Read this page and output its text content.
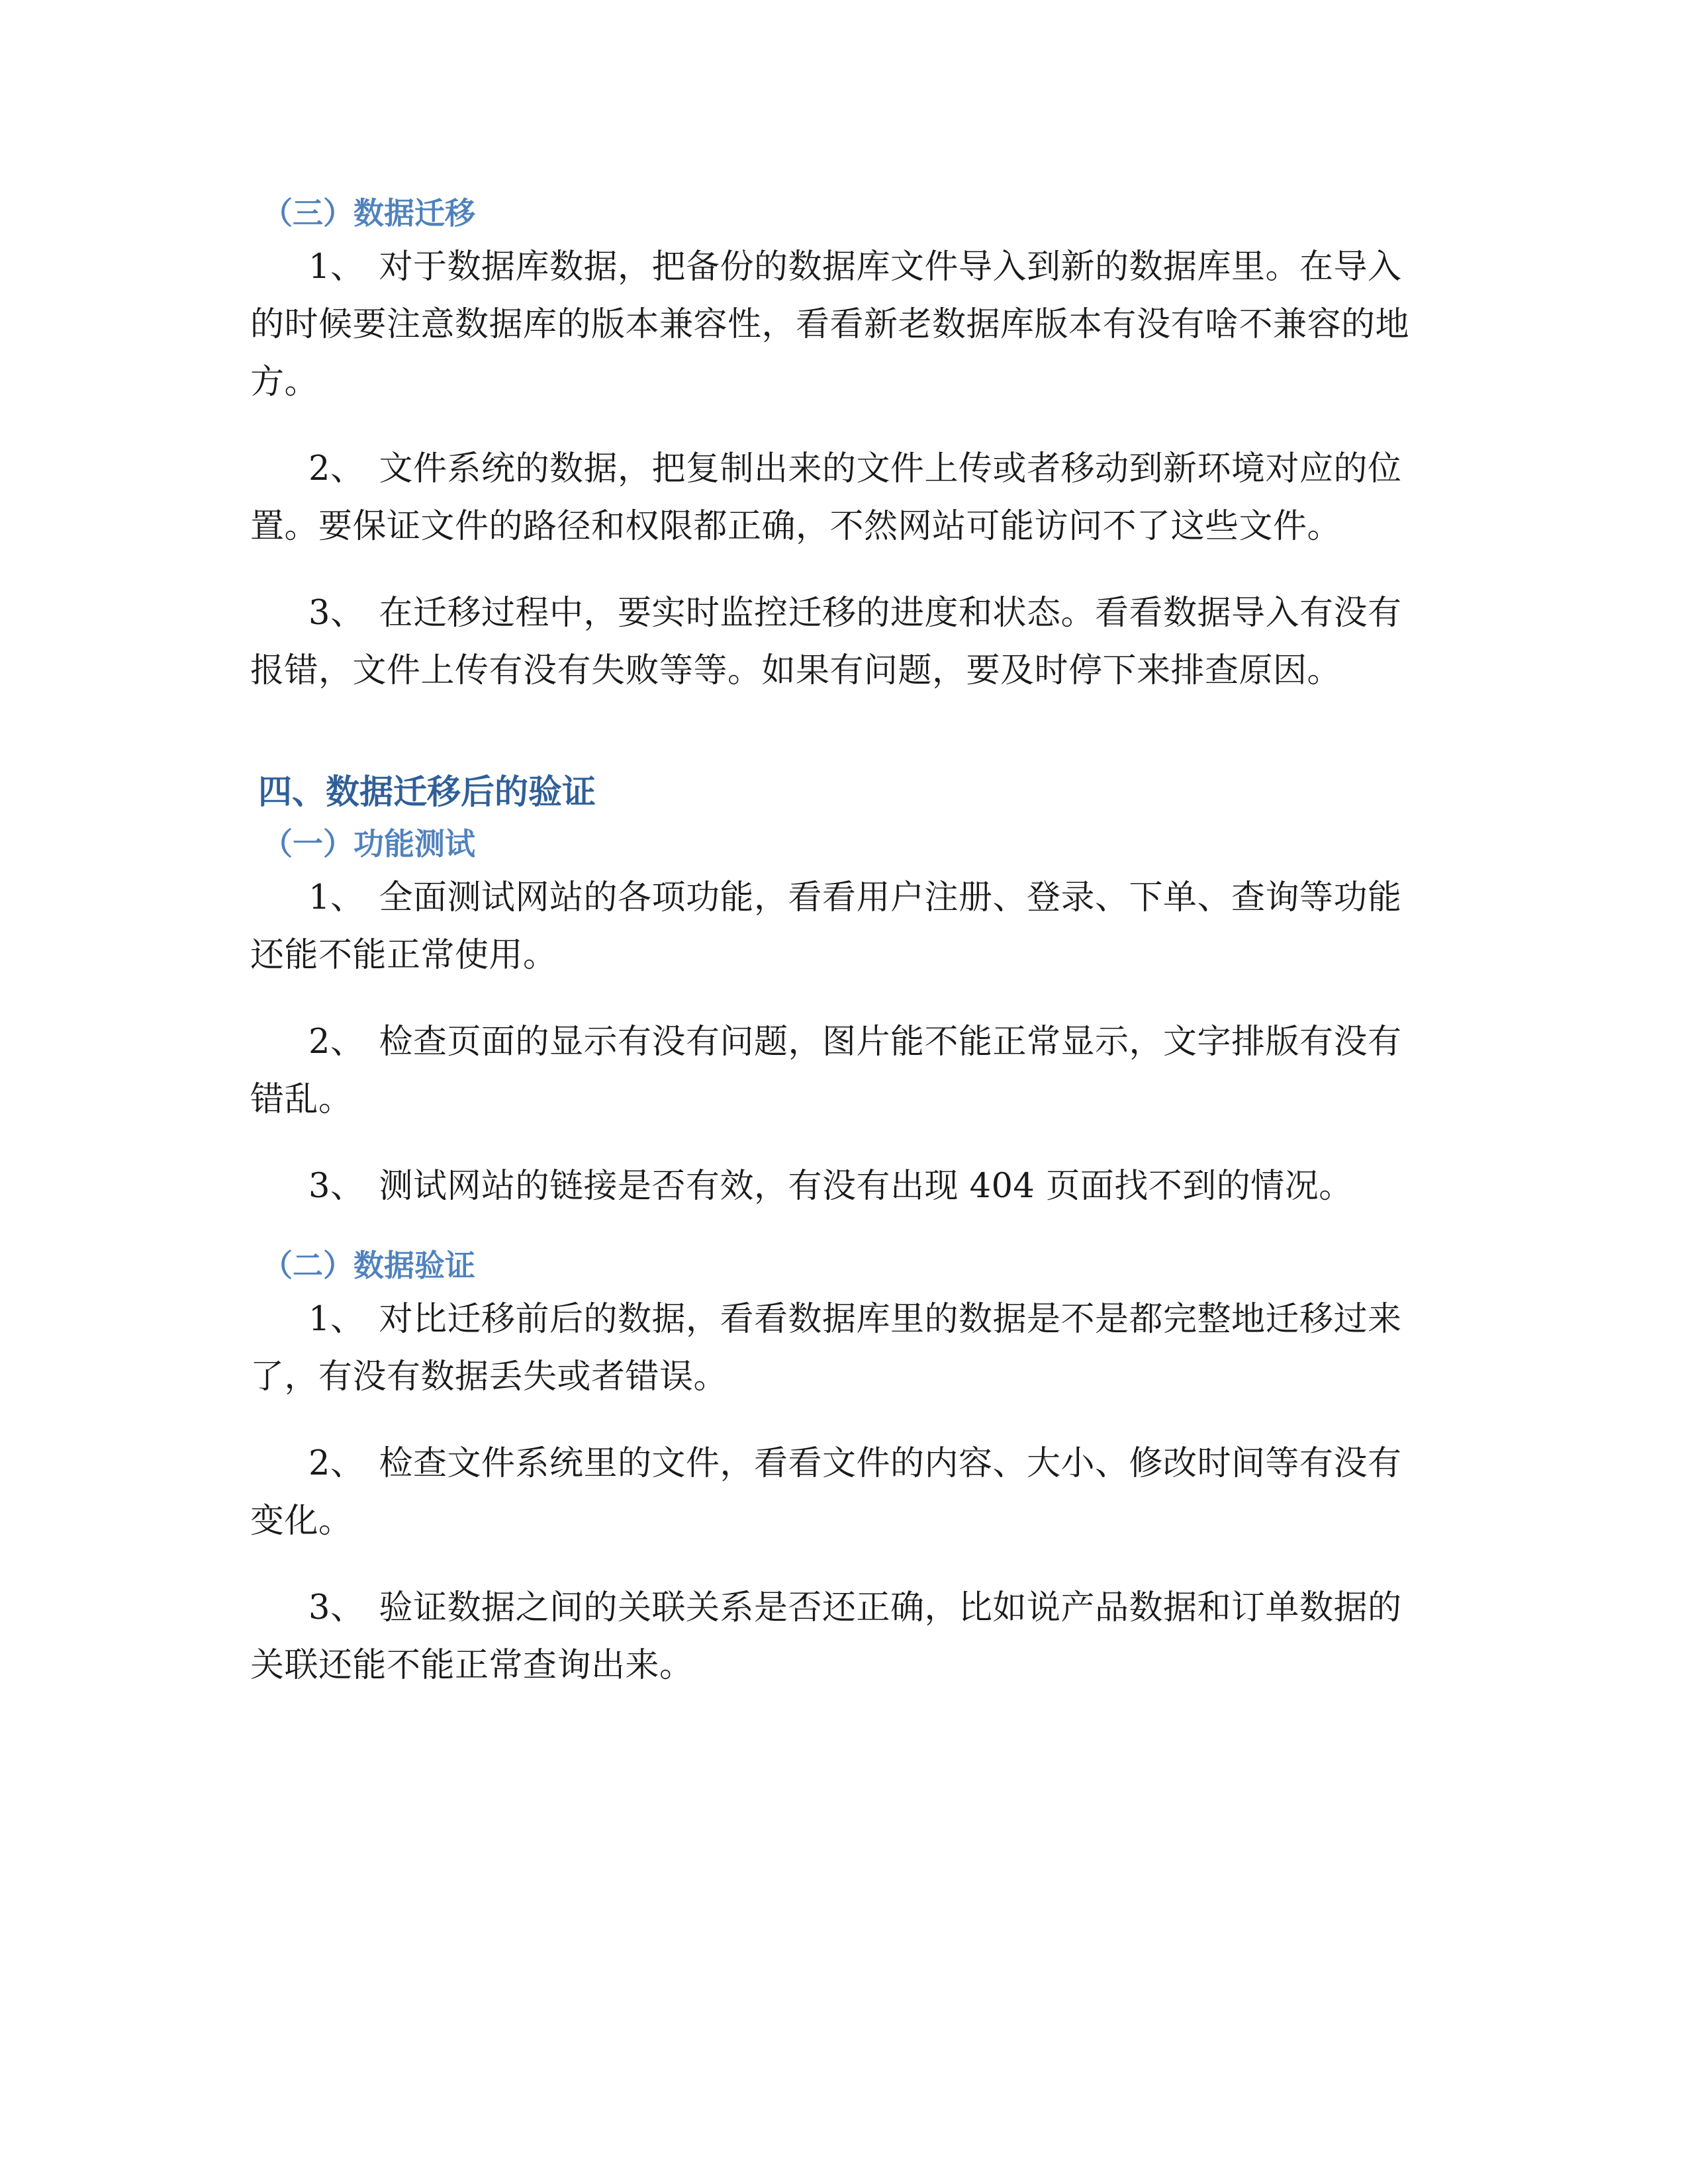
（三）数据迁移

1、 对于数据库数据，把备份的数据库文件导入到新的数据库里。在导入的时候要注意数据库的版本兼容性，看看新老数据库版本有没有啥不兼容的地方。

2、 文件系统的数据，把复制出来的文件上传或者移动到新环境对应的位置。要保证文件的路径和权限都正确，不然网站可能访问不了这些文件。

3、 在迁移过程中，要实时监控迁移的进度和状态。看看数据导入有没有报错，文件上传有没有失败等等。如果有问题，要及时停下来排查原因。

四、数据迁移后的验证
（一）功能测试

1、 全面测试网站的各项功能，看看用户注册、登录、下单、查询等功能还能不能正常使用。

2、 检查页面的显示有没有问题，图片能不能正常显示，文字排版有没有错乱。

3、 测试网站的链接是否有效，有没有出现 404 页面找不到的情况。

（二）数据验证

1、 对比迁移前后的数据，看看数据库里的数据是不是都完整地迁移过来了，有没有数据丢失或者错误。

2、 检查文件系统里的文件，看看文件的内容、大小、修改时间等有没有变化。

3、 验证数据之间的关联关系是否还正确，比如说产品数据和订单数据的关联还能不能正常查询出来。
